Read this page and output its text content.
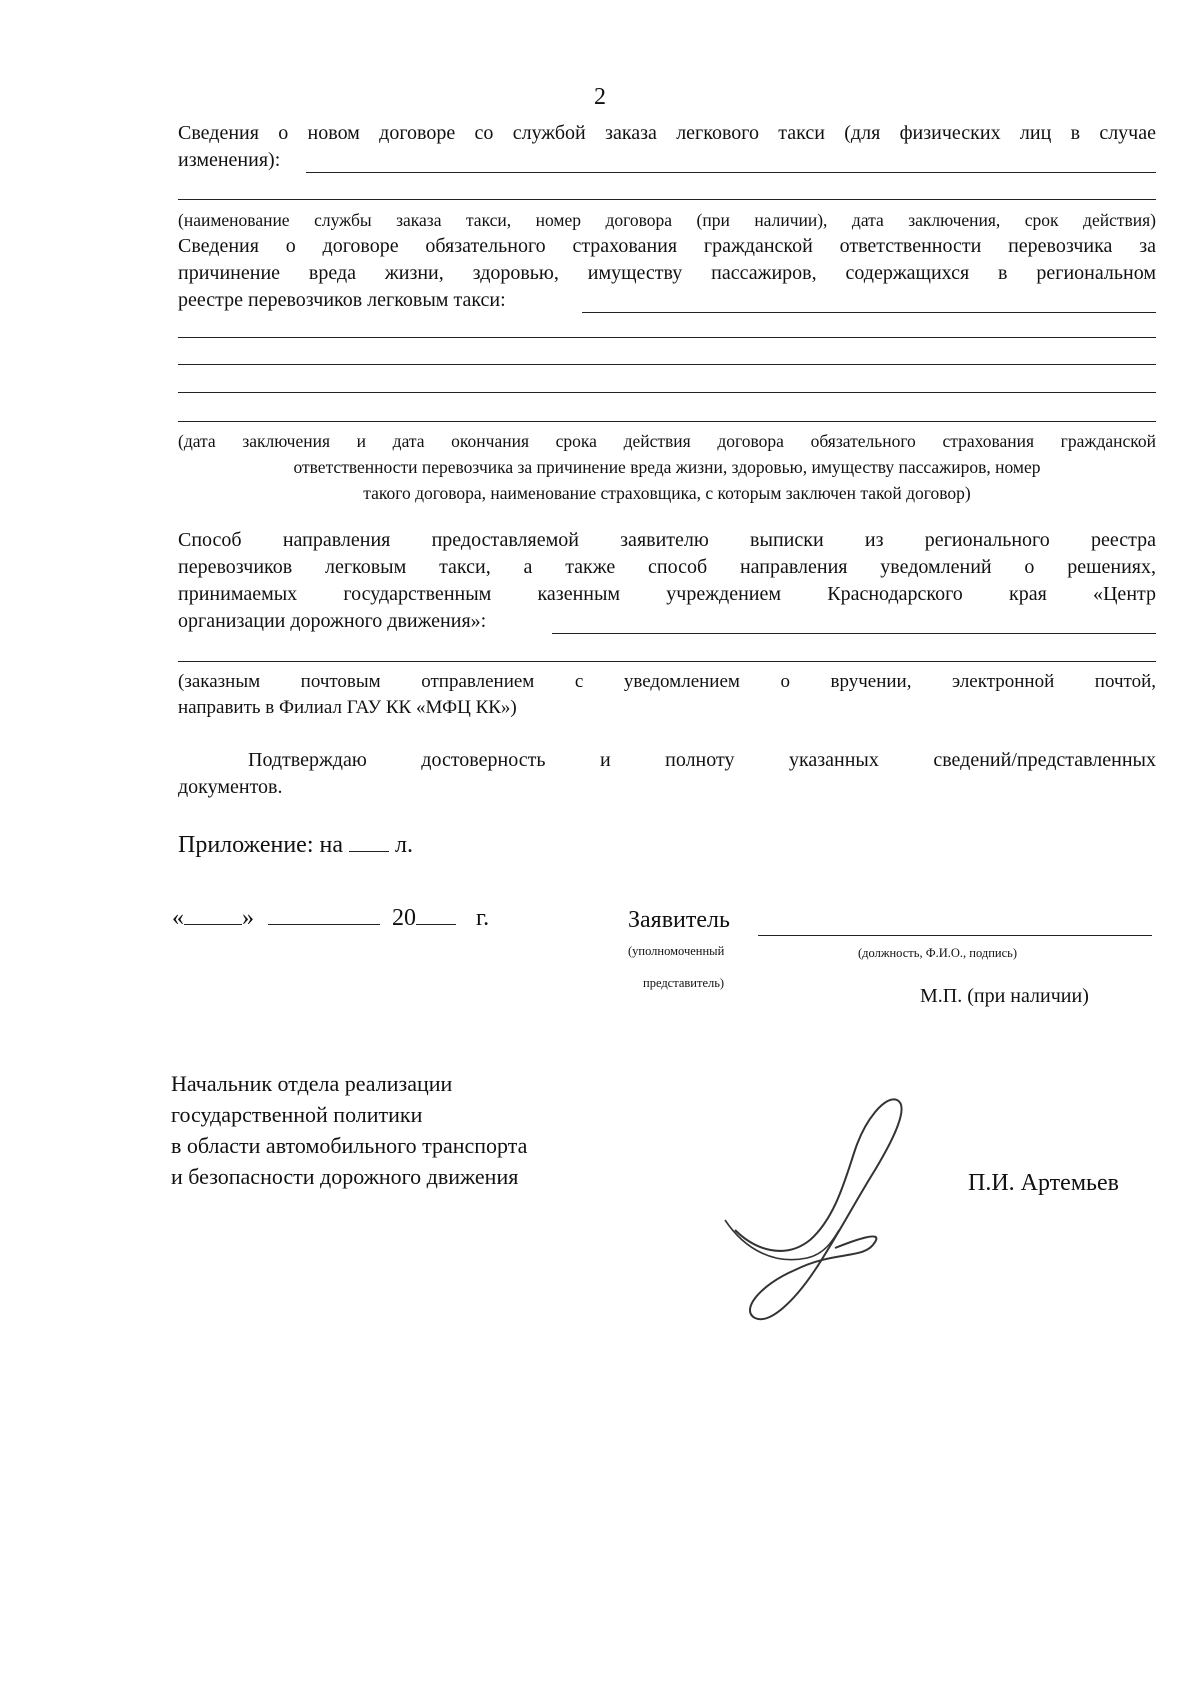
2
Сведения о новом договоре со службой заказа легкового такси (для физических лиц в случае
изменения):
(наименование службы заказа такси, номер договора (при наличии), дата заключения, срок действия)
Сведения о договоре обязательного страхования гражданской ответственности перевозчика за
причинение вреда жизни, здоровью, имуществу пассажиров, содержащихся в региональном
реестре перевозчиков легковым такси:
(дата заключения и дата окончания срока действия договора обязательного страхования гражданской
ответственности перевозчика за причинение вреда жизни, здоровью, имуществу пассажиров, номер
такого договора, наименование страховщика, с которым заключен такой договор)
Способ направления предоставляемой заявителю выписки из регионального реестра
перевозчиков легковым такси, а также способ направления уведомлений о решениях,
принимаемых государственным казенным учреждением Краснодарского края «Центр
организации дорожного движения»:
(заказным почтовым отправлением с уведомлением о вручении, электронной почтой,
направить в Филиал ГАУ КК «МФЦ КК»)
Подтверждаю достоверность и полноту указанных сведений/представленных
документов.
Приложение: на л.
« »	20	г.	Заявитель
(уполномоченный
представитель)
(должность, Ф.И.О., подпись)
М.П. (при наличии)
Начальник отдела реализации
государственной политики
в области автомобильного транспорта
и безопасности дорожного движения	П.И. Артемьев
